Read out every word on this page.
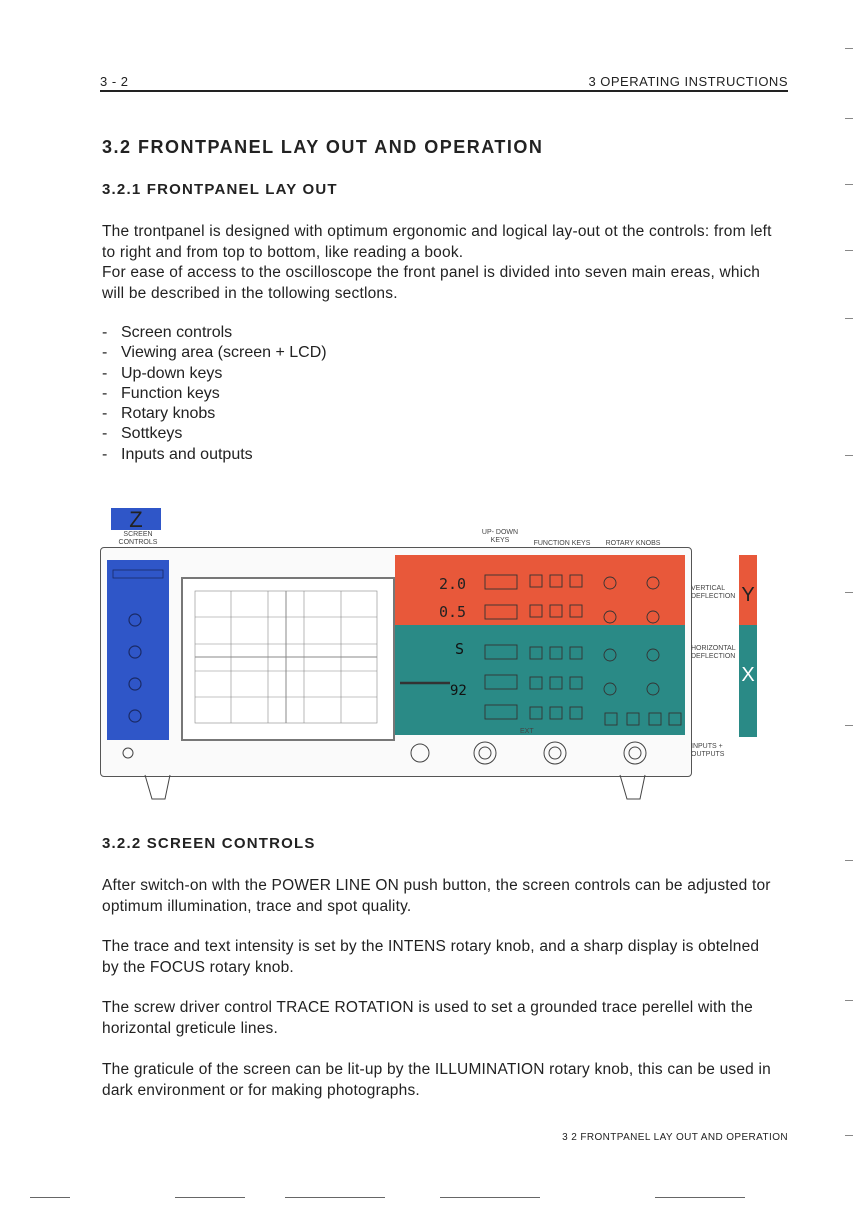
3 - 2	3 OPERATING INSTRUCTIONS
3.2 FRONTPANEL LAY OUT AND OPERATION
3.2.1 FRONTPANEL LAY OUT
The trontpanel is designed with optimum ergonomic and logical lay-out ot the controls: from left to right and from top to bottom, like reading a book.
For ease of access to the oscilloscope the front panel is divided into seven main ereas, which will be described in the tollowing sectlons.
- Screen controls
- Viewing area (screen + LCD)
- Up-down keys
- Function keys
- Rotary knobs
- Sottkeys
- Inputs and outputs
Z
SCREEN CONTROLS
UP- DOWN KEYS	FUNCTION KEYS	ROTARY KNOBS
2.0
0.5
S
92
VERTICAL DEFLECTION Y
HORIZONTAL DEFLECTION
X
INPUTS + OUTPUTS
EXT
3.2.2 SCREEN CONTROLS
After switch-on wlth the POWER LINE ON push button, the screen controls can be adjusted tor optimum illumination, trace and spot quality.
The trace and text intensity is set by the INTENS rotary knob, and a sharp display is obtelned by the FOCUS rotary knob.
The screw driver control TRACE ROTATION is used to set a grounded trace perellel with the horizontal greticule lines.
The graticule of the screen can be lit-up by the ILLUMINATION rotary knob, this can be used in dark environment or for making photographs.
3 2 FRONTPANEL LAY OUT AND OPERATION
